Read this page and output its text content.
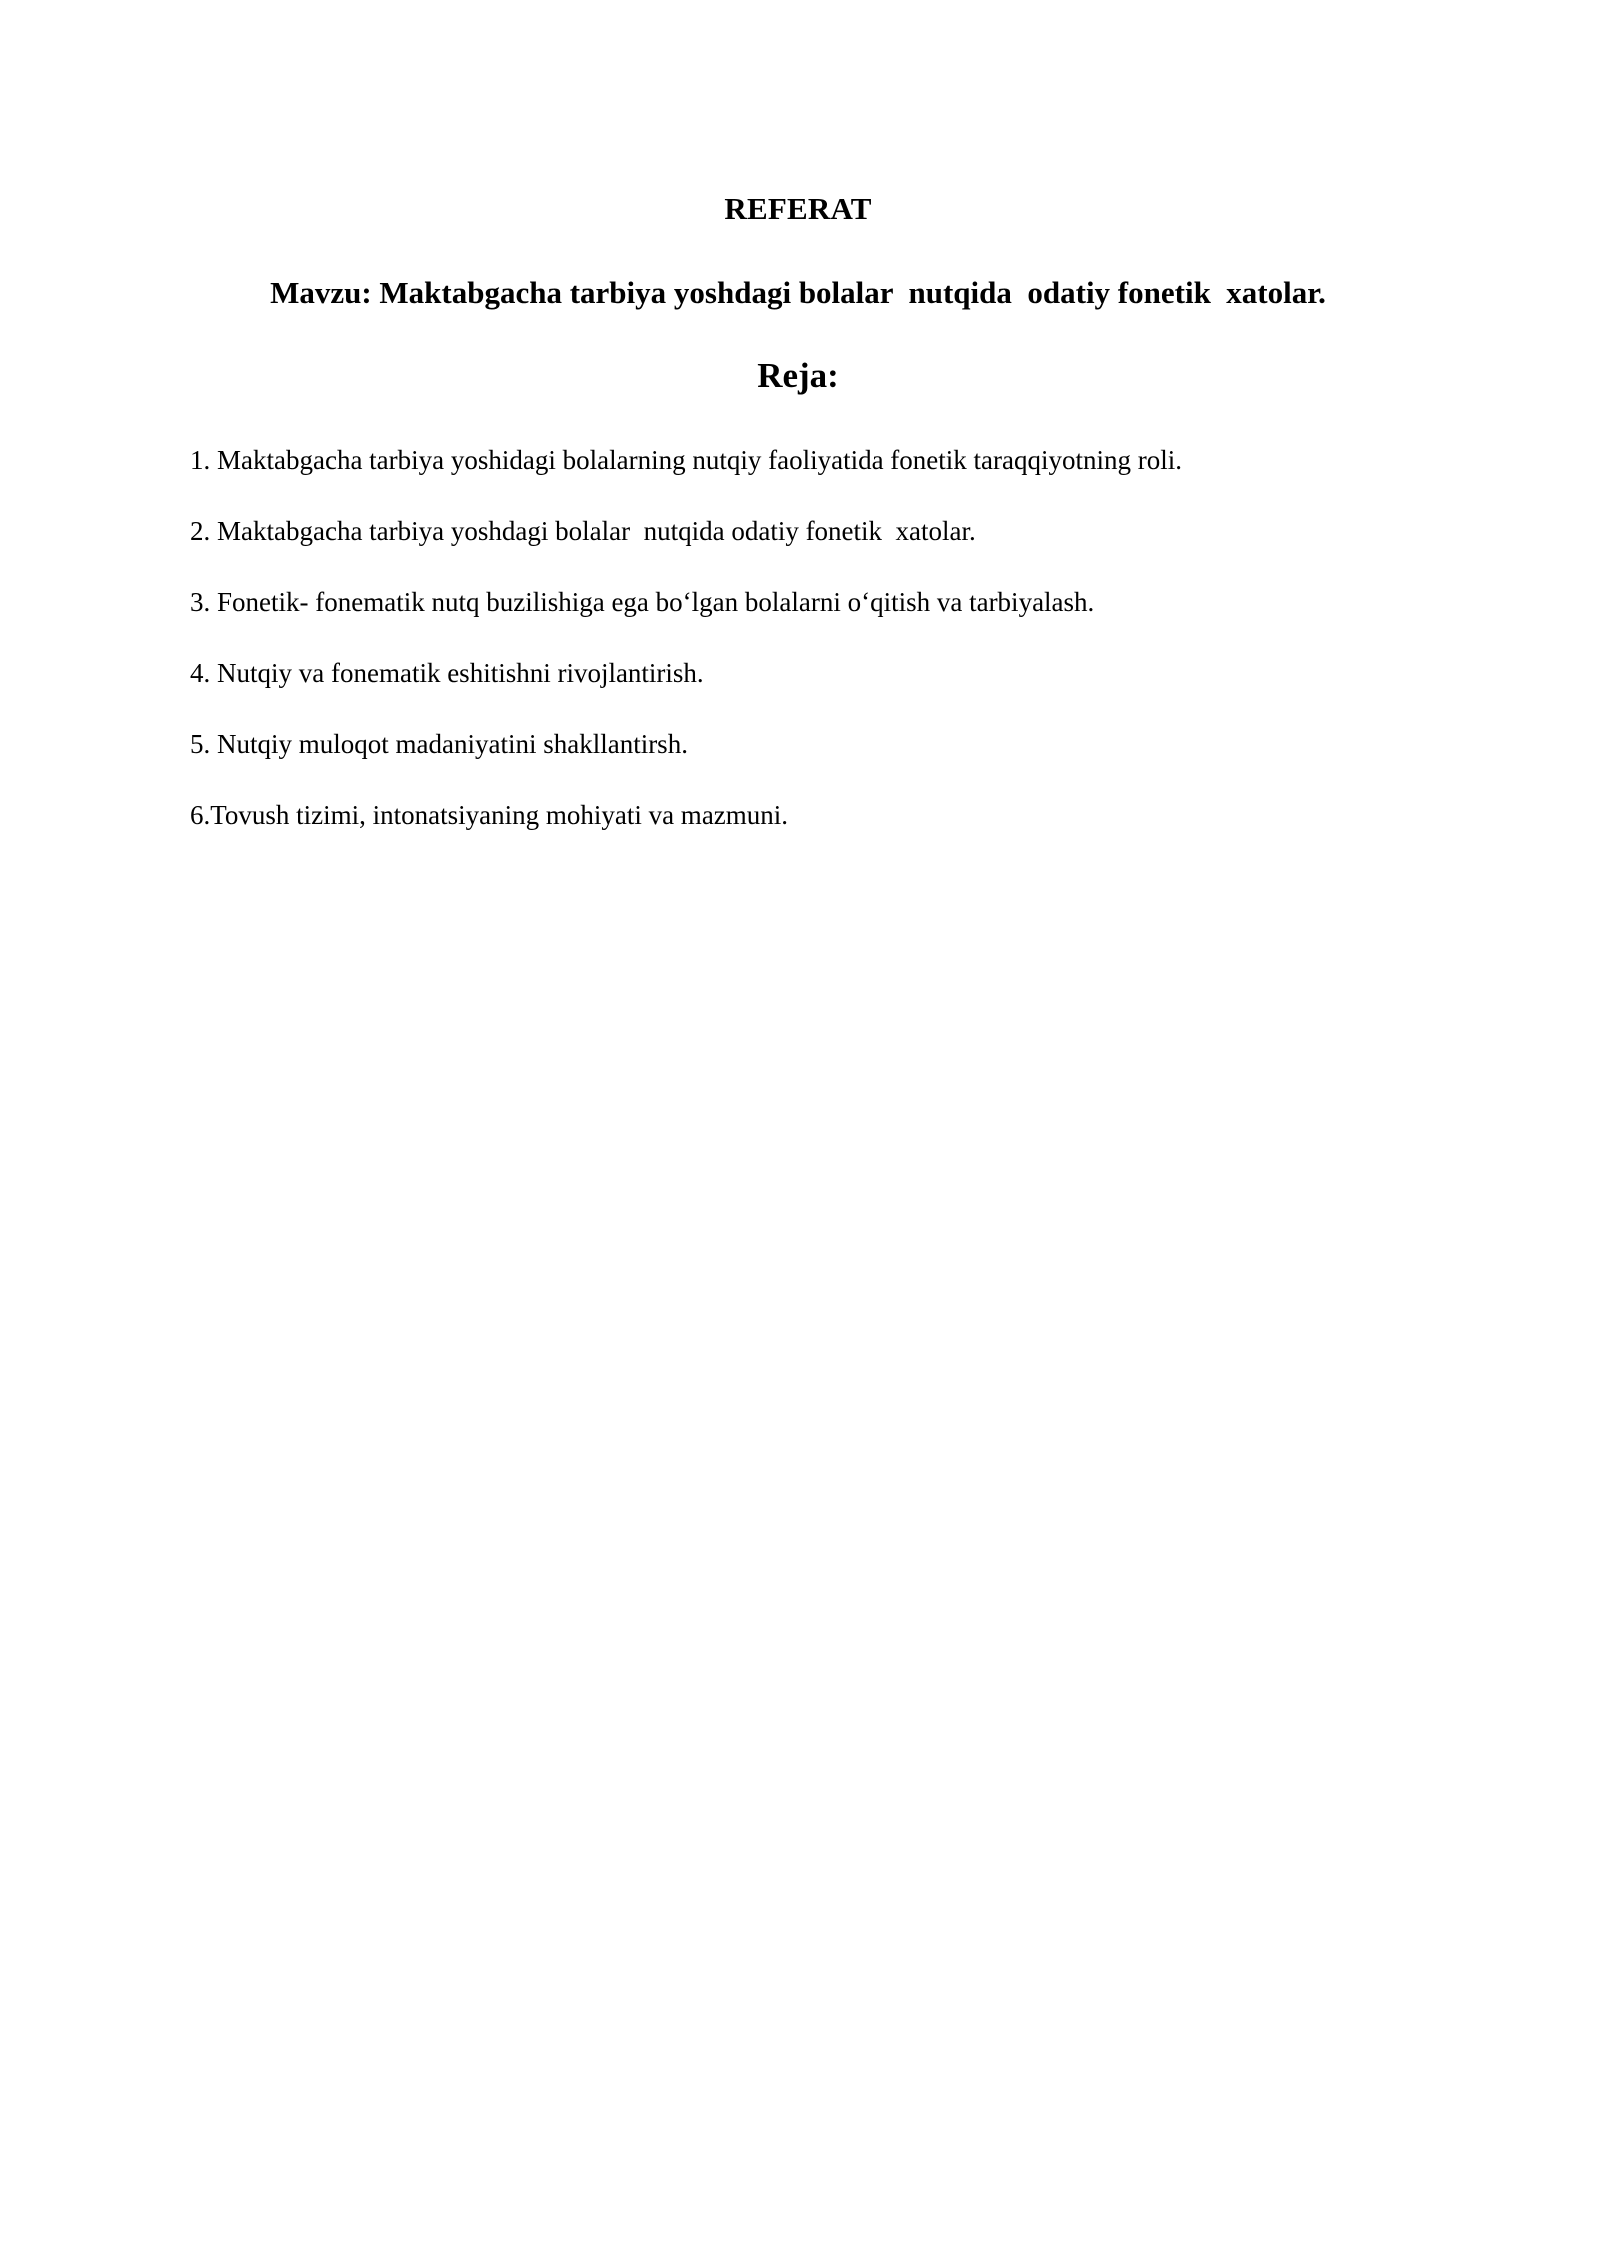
REFERAT
Mavzu: Maktabgacha tarbiya yoshdagi bolalar  nutqida  odatiy fonetik  xatolar.
Reja:
1. Maktabgacha tarbiya yoshidagi bolalarning nutqiy faoliyatida fonetik taraqqiyotning roli.
2. Maktabgacha tarbiya yoshdagi bolalar  nutqida odatiy fonetik  xatolar.
3. Fonetik- fonematik nutq buzilishiga ega bo‘lgan bolalarni o‘qitish va tarbiyalash.
4. Nutqiy va fonematik eshitishni rivojlantirish.
5. Nutqiy muloqot madaniyatini shakllantirsh.
6.Tovush tizimi, intonatsiyaning mohiyati va mazmuni.
